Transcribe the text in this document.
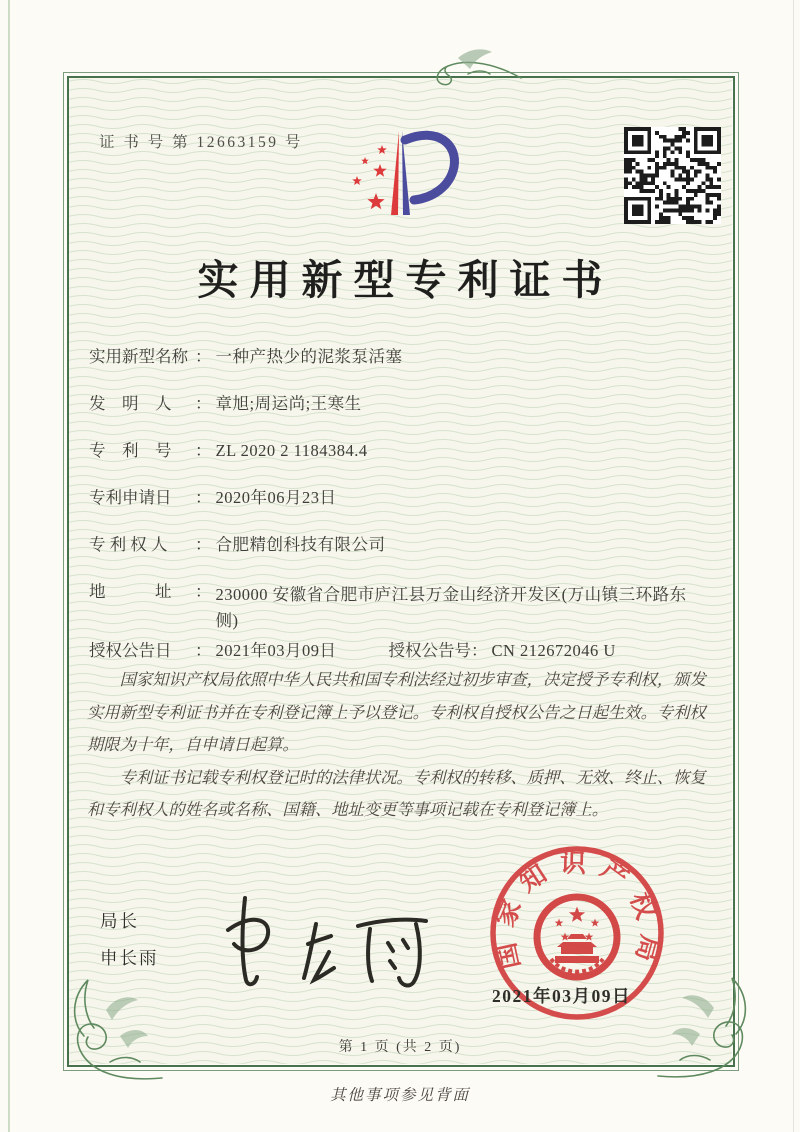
证 书 号 第 12663159 号
实用新型专利证书
实用新型名称 ： 一种产热少的泥浆泵活塞
发　明　人 ： 章旭;周运尚;王寒生
专　利　号 ： ZL 2020 2 1184384.4
专利申请日 ： 2020年06月23日
专 利 权 人 ： 合肥精创科技有限公司
地　　　址 ： 230000 安徽省合肥市庐江县万金山经济开发区(万山镇三环路东侧)
授权公告日 ： 2021年03月09日	授权公告号： CN 212672046 U

国家知识产权局依照中华人民共和国专利法经过初步审查，决定授予专利权，颁发实用新型专利证书并在专利登记簿上予以登记。专利权自授权公告之日起生效。专利权期限为十年，自申请日起算。

专利证书记载专利权登记时的法律状况。专利权的转移、质押、无效、终止、恢复和专利权人的姓名或名称、国籍、地址变更等事项记载在专利登记簿上。

局长
申长雨	国家知识产权局
2021年03月09日
第 1 页 (共 2 页)
其他事项参见背面
